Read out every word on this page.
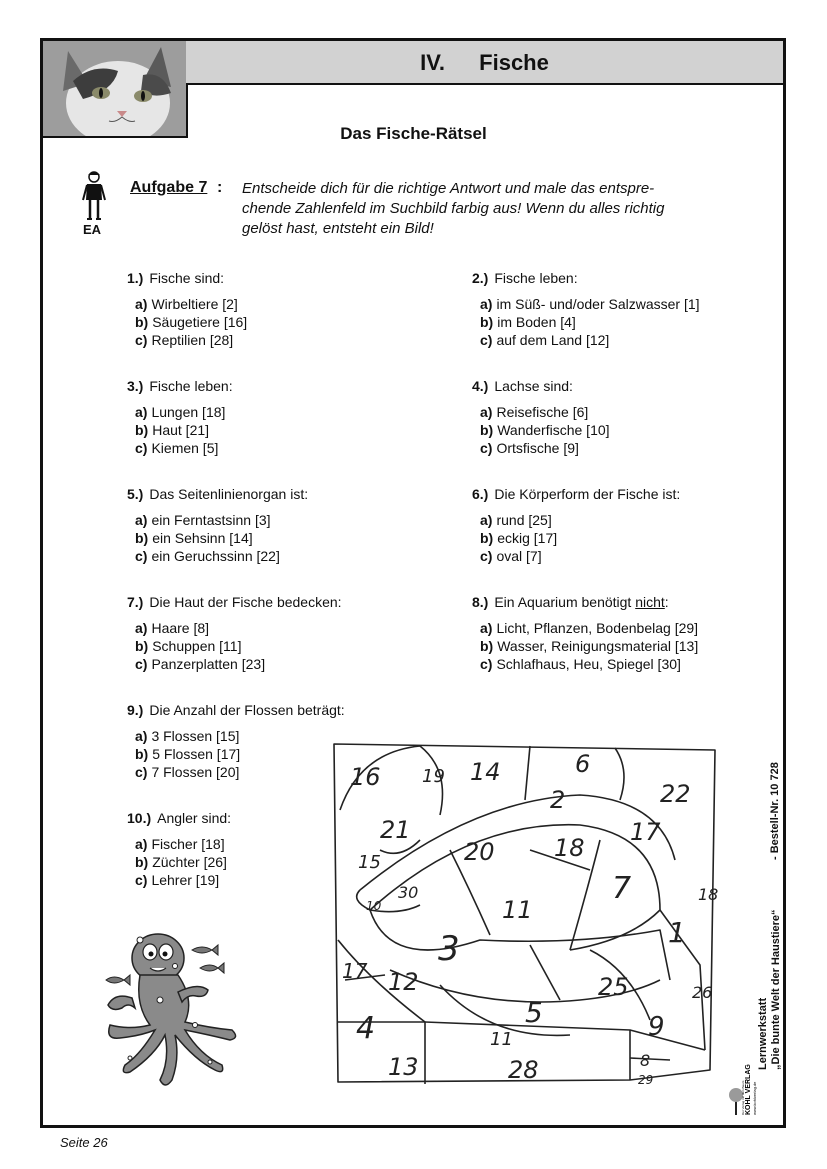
IV. Fische
Das Fische-Rätsel
EA
Aufgabe 7 : Entscheide dich für die richtige Antwort und male das entspre-
chende Zahlenfeld im Suchbild farbig aus! Wenn du alles richtig
gelöst hast, entsteht ein Bild!
1.) Fische sind:
a) Wirbeltiere [2]
b) Säugetiere [16]
c) Reptilien [28]
2.) Fische leben:
a) im Süß- und/oder Salzwasser [1]
b) im Boden [4]
c) auf dem Land [12]
3.) Fische leben:
a) Lungen [18]
b) Haut [21]
c) Kiemen [5]
4.) Lachse sind:
a) Reisefische [6]
b) Wanderfische [10]
c) Ortsfische [9]
5.) Das Seitenlinienorgan ist:
a) ein Ferntastsinn [3]
b) ein Sehsinn [14]
c) ein Geruchssinn [22]
6.) Die Körperform der Fische ist:
a) rund [25]
b) eckig [17]
c) oval [7]
7.) Die Haut der Fische bedecken:
a) Haare [8]
b) Schuppen [11]
c) Panzerplatten [23]
8.) Ein Aquarium benötigt nicht:
a) Licht, Pflanzen, Bodenbelag [29]
b) Wasser, Reinigungsmaterial [13]
c) Schlafhaus, Heu, Spiegel [30]
9.) Die Anzahl der Flossen beträgt:
a) 3 Flossen [15]
b) 5 Flossen [17]
c) 7 Flossen [20]
10.) Angler sind:
a) Fischer [18]
b) Züchter [26]
c) Lehrer [19]
16 19 14	6
22
2
17
21
15	20 18
30
10	7
11
18
3	1
17 12	25	26
5	9
4	11
13	28	8
29
- Bestell-Nr. 10 728
Lernwerkstatt „Die bunte Welt der Haustiere“
KOHL VERLAG www.kohlverlag.de
Der Verlag mit dem Baum
Seite 26
